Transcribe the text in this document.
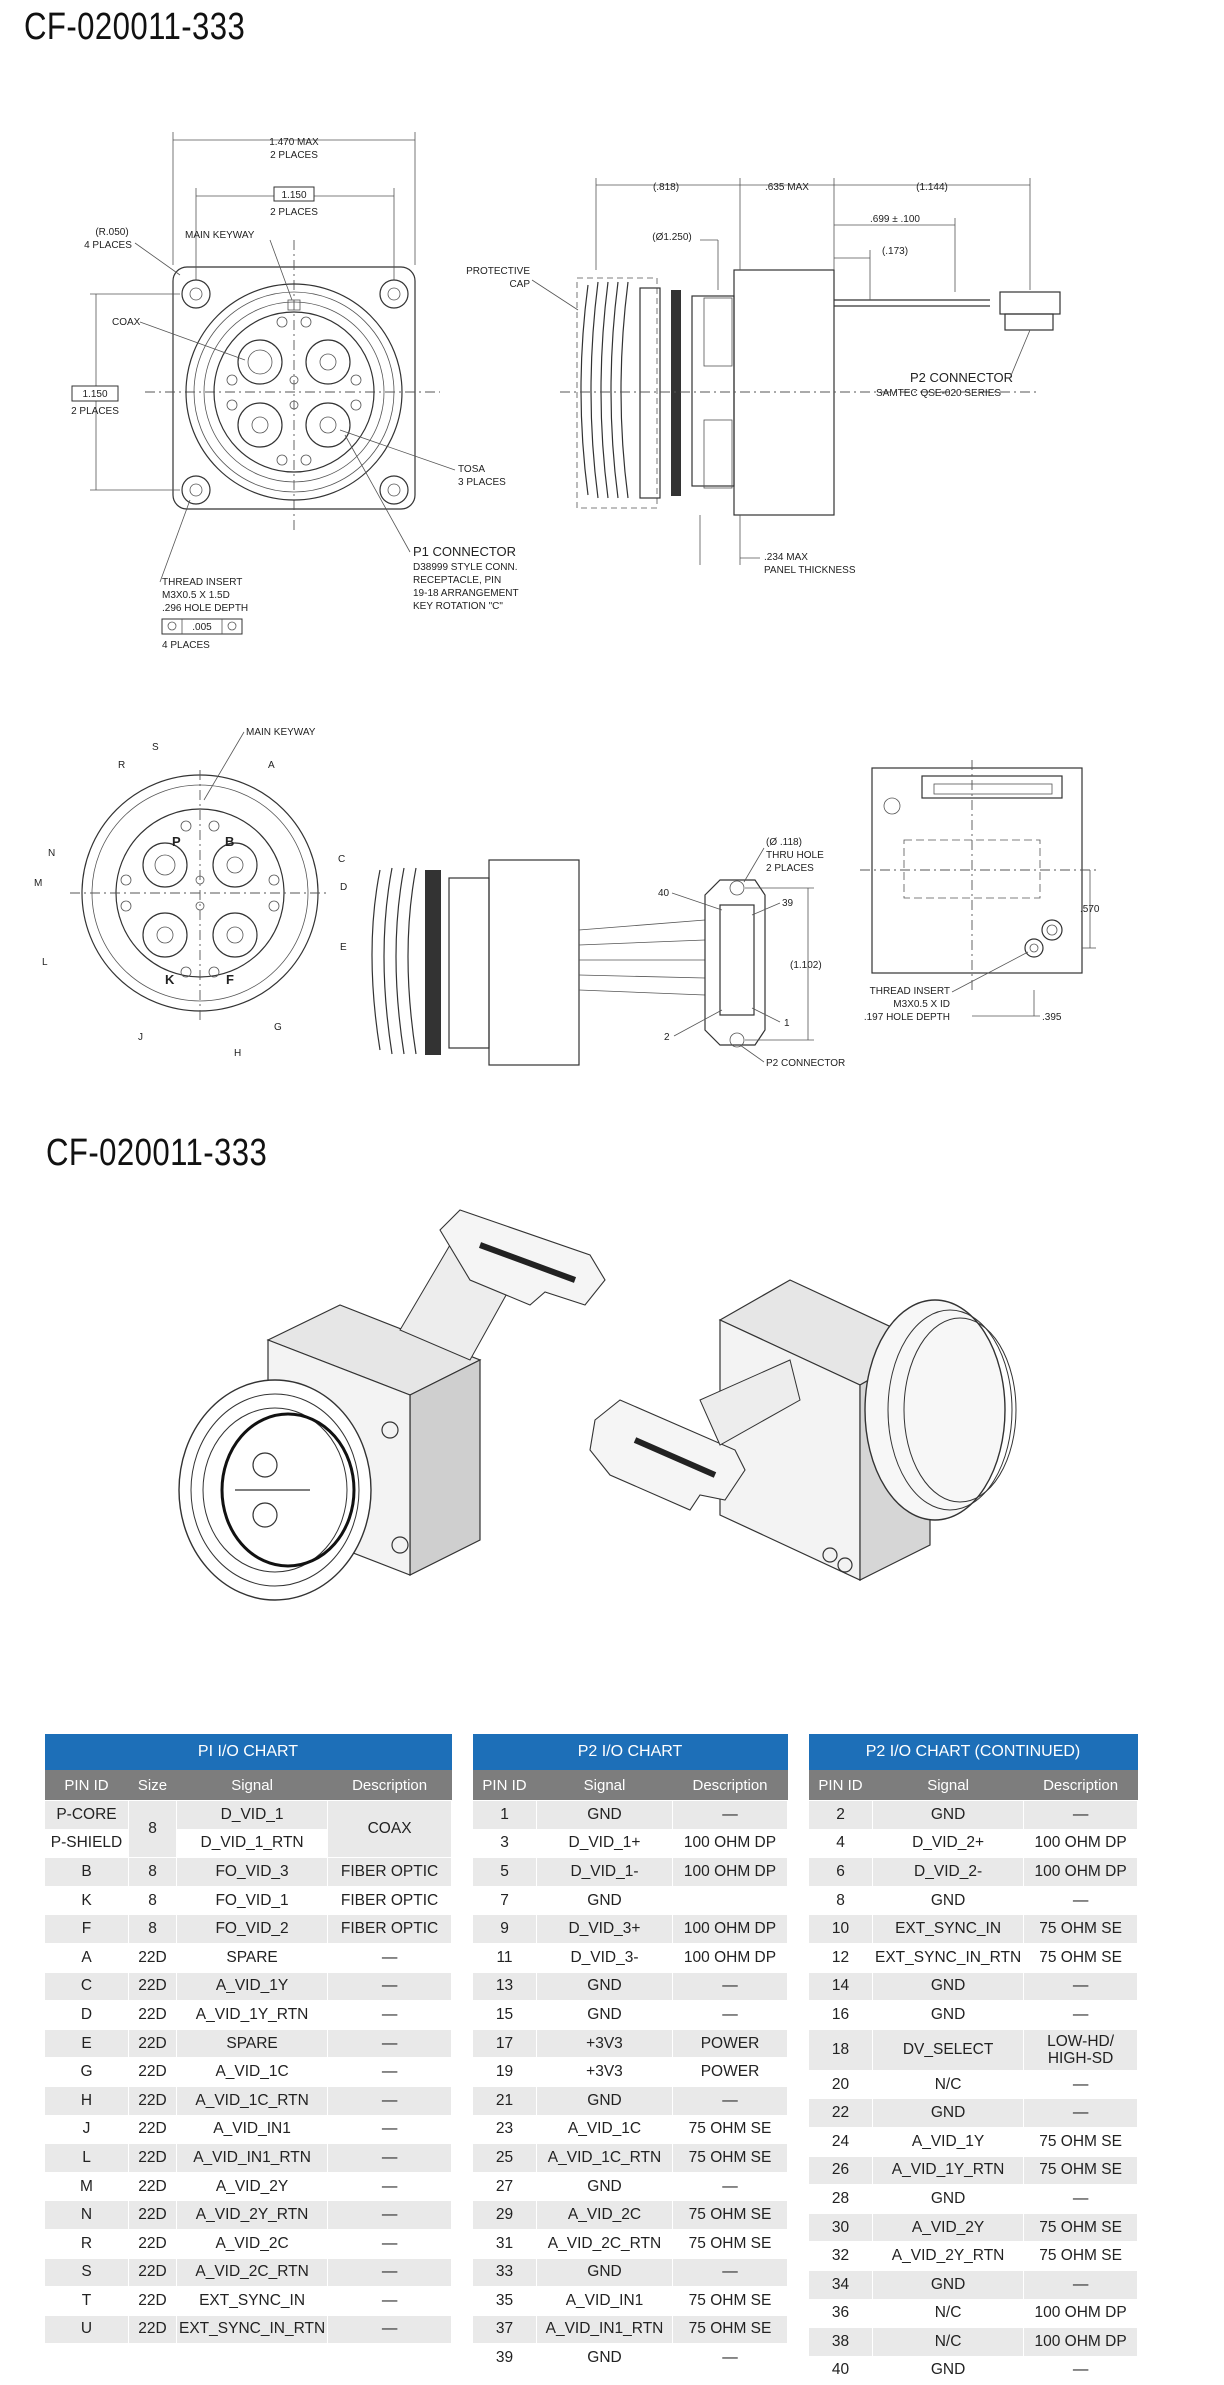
CF-020011-333
CF-020011-333
1.470 MAX
2 PLACES
1.150
2 PLACES
1.150
2 PLACES
(R.050)
4 PLACES
MAIN KEYWAY
COAX
TOSA
3 PLACES
P1 CONNECTOR
D38999 STYLE CONN.
RECEPTACLE, PIN
19-18 ARRANGEMENT
KEY ROTATION "C"
THREAD INSERT
M3X0.5 X 1.5D
.296 HOLE DEPTH
.005
4 PLACES
(.818)	.635 MAX	(1.144)
.699 ± .100
(.173)
(Ø1.250)
PROTECTIVE
CAP
P2 CONNECTOR
SAMTEC QSE-020 SERIES
.234 MAX
PANEL THICKNESS
P	B
K	F
S
R	A
N
C
M	D
L
E
J
G
H
MAIN KEYWAY
(Ø .118)
THRU HOLE
2 PLACES
40
39
2
1
(1.102)
P2 CONNECTOR
.570
.395
THREAD INSERT
M3X0.5 X ID
.197 HOLE DEPTH
PI I/O CHART			
PIN ID	Size	Signal	Description
P-CORE	8	D_VID_1	COAX
P-SHIELD		D_VID_1_RTN	
B	8	FO_VID_3	FIBER OPTIC
K	8	FO_VID_1	FIBER OPTIC
F	8	FO_VID_2	FIBER OPTIC
A	22D	SPARE	—
C	22D	A_VID_1Y	—
D	22D	A_VID_1Y_RTN	—
E	22D	SPARE	—
G	22D	A_VID_1C	—
H	22D	A_VID_1C_RTN	—
J	22D	A_VID_IN1	—
L	22D	A_VID_IN1_RTN	—
M	22D	A_VID_2Y	—
N	22D	A_VID_2Y_RTN	—
R	22D	A_VID_2C	—
S	22D	A_VID_2C_RTN	—
T	22D	EXT_SYNC_IN	—
U	22D	EXT_SYNC_IN_RTN	—
P2 I/O CHART		
PIN ID	Signal	Description
1	GND	—
3	D_VID_1+	100 OHM DP
5	D_VID_1-	100 OHM DP
7	GND	
9	D_VID_3+	100 OHM DP
11	D_VID_3-	100 OHM DP
13	GND	—
15	GND	—
17	+3V3	POWER
19	+3V3	POWER
21	GND	—
23	A_VID_1C	75 OHM SE
25	A_VID_1C_RTN	75 OHM SE
27	GND	—
29	A_VID_2C	75 OHM SE
31	A_VID_2C_RTN	75 OHM SE
33	GND	—
35	A_VID_IN1	75 OHM SE
37	A_VID_IN1_RTN	75 OHM SE
39	GND	—
P2 I/O CHART (CONTINUED)		
PIN ID	Signal	Description
2	GND	—
4	D_VID_2+	100 OHM DP
6	D_VID_2-	100 OHM DP
8	GND	—
10	EXT_SYNC_IN	75 OHM SE
12	EXT_SYNC_IN_RTN	75 OHM SE
14	GND	—
16	GND	—
18	DV_SELECT	LOW-HD/
HIGH-SD
20	N/C	—
22	GND	—
24	A_VID_1Y	75 OHM SE
26	A_VID_1Y_RTN	75 OHM SE
28	GND	—
30	A_VID_2Y	75 OHM SE
32	A_VID_2Y_RTN	75 OHM SE
34	GND	—
36	N/C	100 OHM DP
38	N/C	100 OHM DP
40	GND	—
